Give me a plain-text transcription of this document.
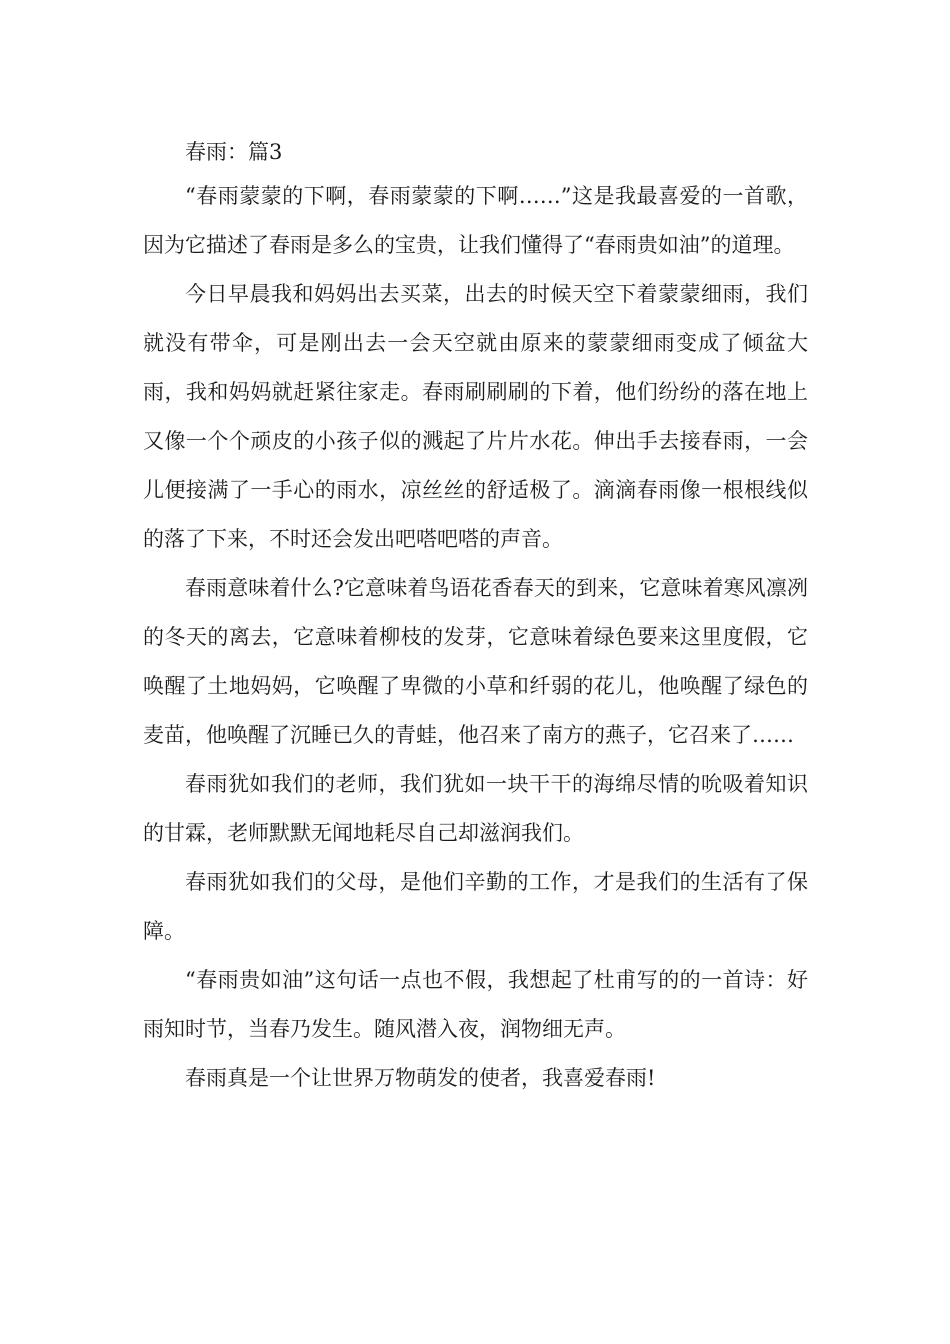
春雨：篇3

“春雨蒙蒙的下啊，春雨蒙蒙的下啊……”这是我最喜爱的一首歌，因为它描述了春雨是多么的宝贵，让我们懂得了“春雨贵如油”的道理。

今日早晨我和妈妈出去买菜，出去的时候天空下着蒙蒙细雨，我们就没有带伞，可是刚出去一会天空就由原来的蒙蒙细雨变成了倾盆大雨，我和妈妈就赶紧往家走。春雨刷刷刷的下着，他们纷纷的落在地上又像一个个顽皮的小孩子似的溅起了片片水花。伸出手去接春雨，一会儿便接满了一手心的雨水，凉丝丝的舒适极了。滴滴春雨像一根根线似的落了下来，不时还会发出吧嗒吧嗒的声音。

春雨意味着什么?它意味着鸟语花香春天的到来，它意味着寒风凛冽的冬天的离去，它意味着柳枝的发芽，它意味着绿色要来这里度假，它唤醒了土地妈妈，它唤醒了卑微的小草和纤弱的花儿，他唤醒了绿色的麦苗，他唤醒了沉睡已久的青蛙，他召来了南方的燕子，它召来了……

春雨犹如我们的老师，我们犹如一块干干的海绵尽情的吮吸着知识的甘霖，老师默默无闻地耗尽自己却滋润我们。

春雨犹如我们的父母，是他们辛勤的工作，才是我们的生活有了保障。

“春雨贵如油”这句话一点也不假，我想起了杜甫写的的一首诗：好雨知时节，当春乃发生。随风潜入夜，润物细无声。

春雨真是一个让世界万物萌发的使者，我喜爱春雨!
